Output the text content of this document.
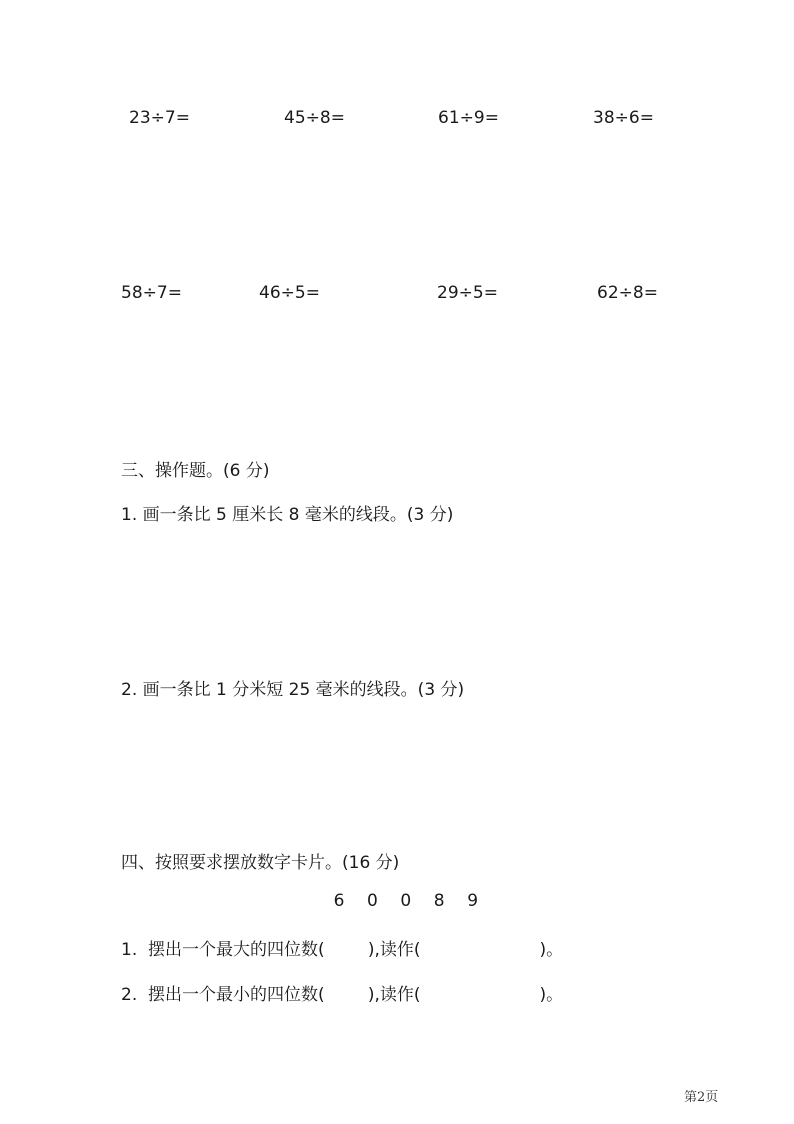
23÷7=	45÷8=	61÷9=	38÷6=
58÷7=	46÷5=	29÷5=	62÷8=
三、操作题。(6 分)
1. 画一条比 5 厘米长 8 毫米的线段。(3 分)
2. 画一条比 1 分米短 25 毫米的线段。(3 分)
四、按照要求摆放数字卡片。(16 分)
6 0 0 8 9
1.  摆出一个最大的四位数(        ),读作(                      )。
2.  摆出一个最小的四位数(        ),读作(                      )。
第2页
